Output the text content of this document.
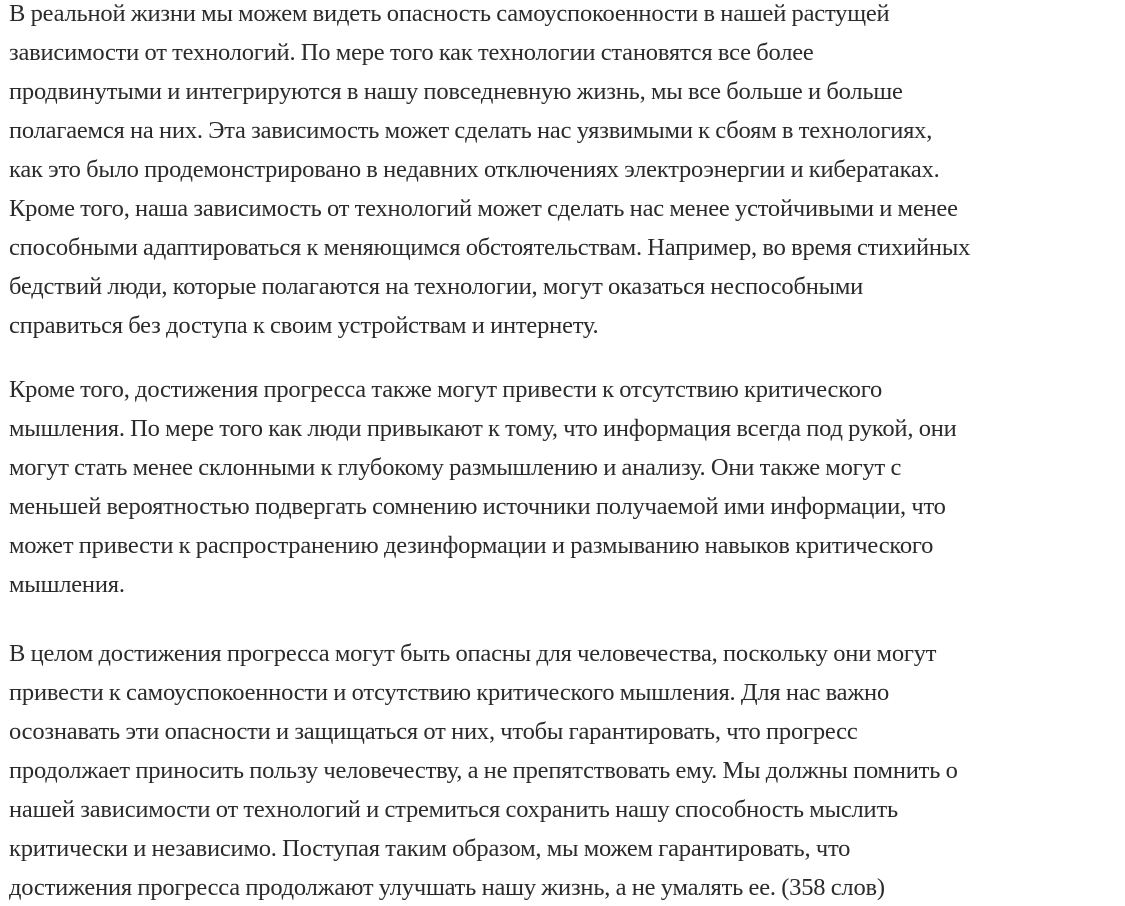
В реальной жизни мы можем видеть опасность самоуспокоенности в нашей растущей
зависимости от технологий. По мере того как технологии становятся все более
продвинутыми и интегрируются в нашу повседневную жизнь, мы все больше и больше
полагаемся на них. Эта зависимость может сделать нас уязвимыми к сбоям в технологиях,
как это было продемонстрировано в недавних отключениях электроэнергии и кибератаках.
Кроме того, наша зависимость от технологий может сделать нас менее устойчивыми и менее
способными адаптироваться к меняющимся обстоятельствам. Например, во время стихийных
бедствий люди, которые полагаются на технологии, могут оказаться неспособными
справиться без доступа к своим устройствам и интернету.

Кроме того, достижения прогресса также могут привести к отсутствию критического
мышления. По мере того как люди привыкают к тому, что информация всегда под рукой, они
могут стать менее склонными к глубокому размышлению и анализу. Они также могут с
меньшей вероятностью подвергать сомнению источники получаемой ими информации, что
может привести к распространению дезинформации и размыванию навыков критического
мышления.

В целом достижения прогресса могут быть опасны для человечества, поскольку они могут
привести к самоуспокоенности и отсутствию критического мышления. Для нас важно
осознавать эти опасности и защищаться от них, чтобы гарантировать, что прогресс
продолжает приносить пользу человечеству, а не препятствовать ему. Мы должны помнить о
нашей зависимости от технологий и стремиться сохранить нашу способность мыслить
критически и независимо. Поступая таким образом, мы можем гарантировать, что
достижения прогресса продолжают улучшать нашу жизнь, а не умалять ее. (358 слов)
